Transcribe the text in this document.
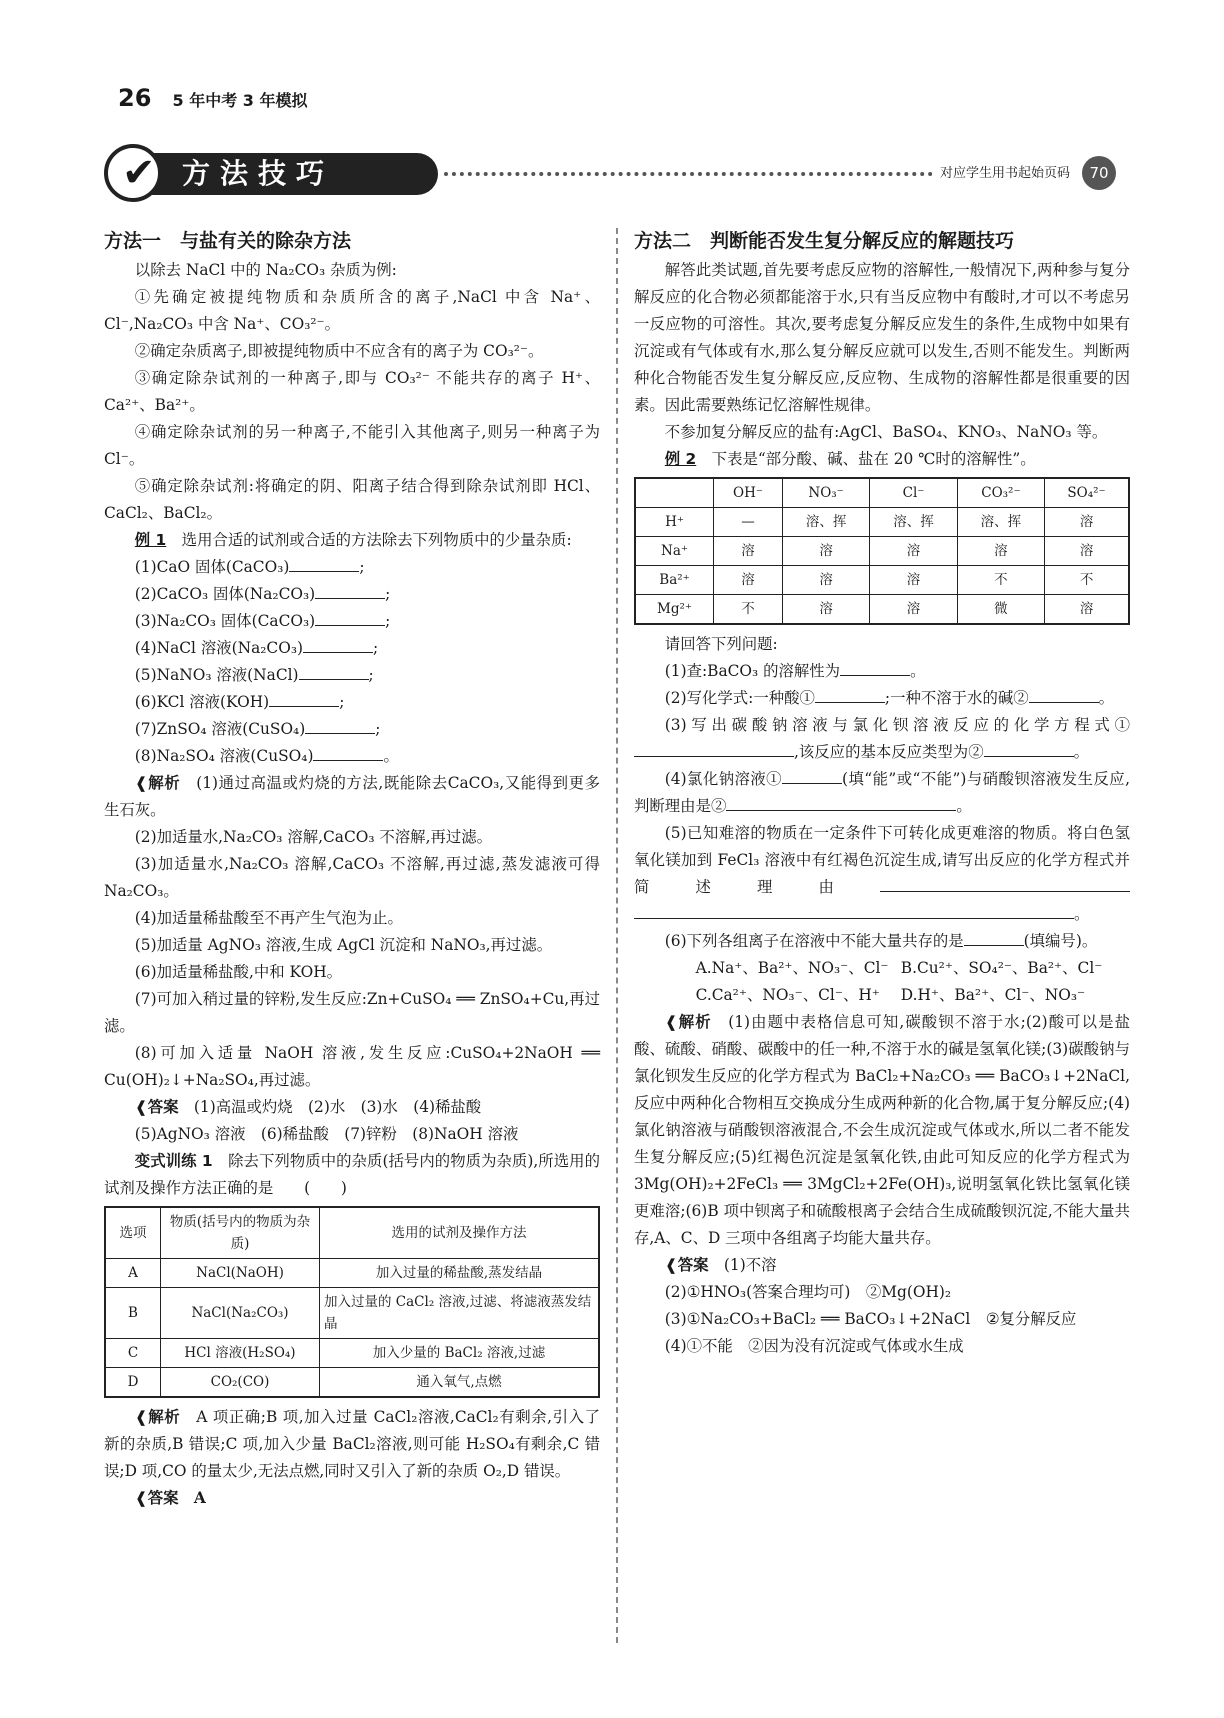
26 5 年中考 3 年模拟
方法技巧
✔	对应学生用书起始页码	70
方法一　与盐有关的除杂方法

以除去 NaCl 中的 Na₂CO₃ 杂质为例:

①先确定被提纯物质和杂质所含的离子,NaCl 中含 Na⁺、Cl⁻,Na₂CO₃ 中含 Na⁺、CO₃²⁻。

②确定杂质离子,即被提纯物质中不应含有的离子为 CO₃²⁻。

③确定除杂试剂的一种离子,即与 CO₃²⁻ 不能共存的离子 H⁺、Ca²⁺、Ba²⁺。

④确定除杂试剂的另一种离子,不能引入其他离子,则另一种离子为 Cl⁻。

⑤确定除杂试剂:将确定的阴、阳离子结合得到除杂试剂即 HCl、CaCl₂、BaCl₂。

例 1　 选用合适的试剂或合适的方法除去下列物质中的少量杂质:

(1)CaO 固体(CaCO₃)	;

(2)CaCO₃ 固体(Na₂CO₃)	;

(3)Na₂CO₃ 固体(CaCO₃)	;

(4)NaCl 溶液(Na₂CO₃)	;

(5)NaNO₃ 溶液(NaCl)	;

(6)KCl 溶液(KOH)	;

(7)ZnSO₄ 溶液(CuSO₄)	;

(8)Na₂SO₄ 溶液(CuSO₄)	。

❰解析　 (1)通过高温或灼烧的方法,既能除去CaCO₃,又能得到更多生石灰。

(2)加适量水,Na₂CO₃ 溶解,CaCO₃ 不溶解,再过滤。

(3)加适量水,Na₂CO₃ 溶解,CaCO₃ 不溶解,再过滤,蒸发滤液可得 Na₂CO₃。

(4)加适量稀盐酸至不再产生气泡为止。

(5)加适量 AgNO₃ 溶液,生成 AgCl 沉淀和 NaNO₃,再过滤。

(6)加适量稀盐酸,中和 KOH。

(7)可加入稍过量的锌粉,发生反应:Zn+CuSO₄ ══ ZnSO₄+Cu,再过滤。

(8)可加入适量 NaOH 溶液,发生反应:CuSO₄+2NaOH ══ Cu(OH)₂↓+Na₂SO₄,再过滤。

❰答案　 (1)高温或灼烧　(2)水　(3)水　(4)稀盐酸

(5)AgNO₃ 溶液　(6)稀盐酸　(7)锌粉　(8)NaOH 溶液

变式训练 1　 除去下列物质中的杂质(括号内的物质为杂质),所选用的试剂及操作方法正确的是　　 (　　)

选项	物质(括号内的物质为杂质)	选用的试剂及操作方法
A	NaCl(NaOH)	加入过量的稀盐酸,蒸发结晶
B	NaCl(Na₂CO₃)	加入过量的 CaCl₂ 溶液,过滤、将滤液蒸发结晶
C	HCl 溶液(H₂SO₄)	加入少量的 BaCl₂ 溶液,过滤
D	CO₂(CO)	通入氧气,点燃

❰解析　 A 项正确;B 项,加入过量 CaCl₂溶液,CaCl₂有剩余,引入了新的杂质,B 错误;C 项,加入少量 BaCl₂溶液,则可能 H₂SO₄有剩余,C 错误;D 项,CO 的量太少,无法点燃,同时又引入了新的杂质 O₂,D 错误。

❰答案　 A

方法二　判断能否发生复分解反应的解题技巧

解答此类试题,首先要考虑反应物的溶解性,一般情况下,两种参与复分解反应的化合物必须都能溶于水,只有当反应物中有酸时,才可以不考虑另一反应物的可溶性。其次,要考虑复分解反应发生的条件,生成物中如果有沉淀或有气体或有水,那么复分解反应就可以发生,否则不能发生。判断两种化合物能否发生复分解反应,反应物、生成物的溶解性都是很重要的因素。因此需要熟练记忆溶解性规律。

不参加复分解反应的盐有:AgCl、BaSO₄、KNO₃、NaNO₃ 等。

例 2　 下表是“部分酸、碱、盐在 20 ℃时的溶解性”。

	OH⁻	NO₃⁻	Cl⁻	CO₃²⁻	SO₄²⁻
H⁺	—	溶、挥	溶、挥	溶、挥	溶
Na⁺	溶	溶	溶	溶	溶
Ba²⁺	溶	溶	溶	不	不
Mg²⁺	不	溶	溶	微	溶

请回答下列问题:

(1)查:BaCO₃ 的溶解性为	。

(2)写化学式:一种酸①	;一种不溶于水的碱②	。

(3)写出碳酸钠溶液与氯化钡溶液反应的化学方程式①,该反应的基本反应类型为②	。

(4)氯化钠溶液①	(填“能”或“不能”)与硝酸钡溶液发生反应,判断理由是②	。

(5)已知难溶的物质在一定条件下可转化成更难溶的物质。将白色氢氧化镁加到 FeCl₃ 溶液中有红褐色沉淀生成,请写出反应的化学方程式并简述理由。

(6)下列各组离子在溶液中不能大量共存的是	(填编号)。

A.Na⁺、Ba²⁺、NO₃⁻、Cl⁻ B.Cu²⁺、SO₄²⁻、Ba²⁺、Cl⁻

C.Ca²⁺、NO₃⁻、Cl⁻、H⁺ D.H⁺、Ba²⁺、Cl⁻、NO₃⁻

❰解析　 (1)由题中表格信息可知,碳酸钡不溶于水;(2)酸可以是盐酸、硫酸、硝酸、碳酸中的任一种,不溶于水的碱是氢氧化镁;(3)碳酸钠与氯化钡发生反应的化学方程式为 BaCl₂+Na₂CO₃ ══ BaCO₃↓+2NaCl,反应中两种化合物相互交换成分生成两种新的化合物,属于复分解反应;(4)氯化钠溶液与硝酸钡溶液混合,不会生成沉淀或气体或水,所以二者不能发生复分解反应;(5)红褐色沉淀是氢氧化铁,由此可知反应的化学方程式为 3Mg(OH)₂+2FeCl₃ ══ 3MgCl₂+2Fe(OH)₃,说明氢氧化铁比氢氧化镁更难溶;(6)B 项中钡离子和硫酸根离子会结合生成硫酸钡沉淀,不能大量共存,A、C、D 三项中各组离子均能大量共存。

❰答案　 (1)不溶

(2)①HNO₃(答案合理均可)　②Mg(OH)₂

(3)①Na₂CO₃+BaCl₂ ══ BaCO₃↓+2NaCl　②复分解反应

(4)①不能　②因为没有沉淀或气体或水生成
